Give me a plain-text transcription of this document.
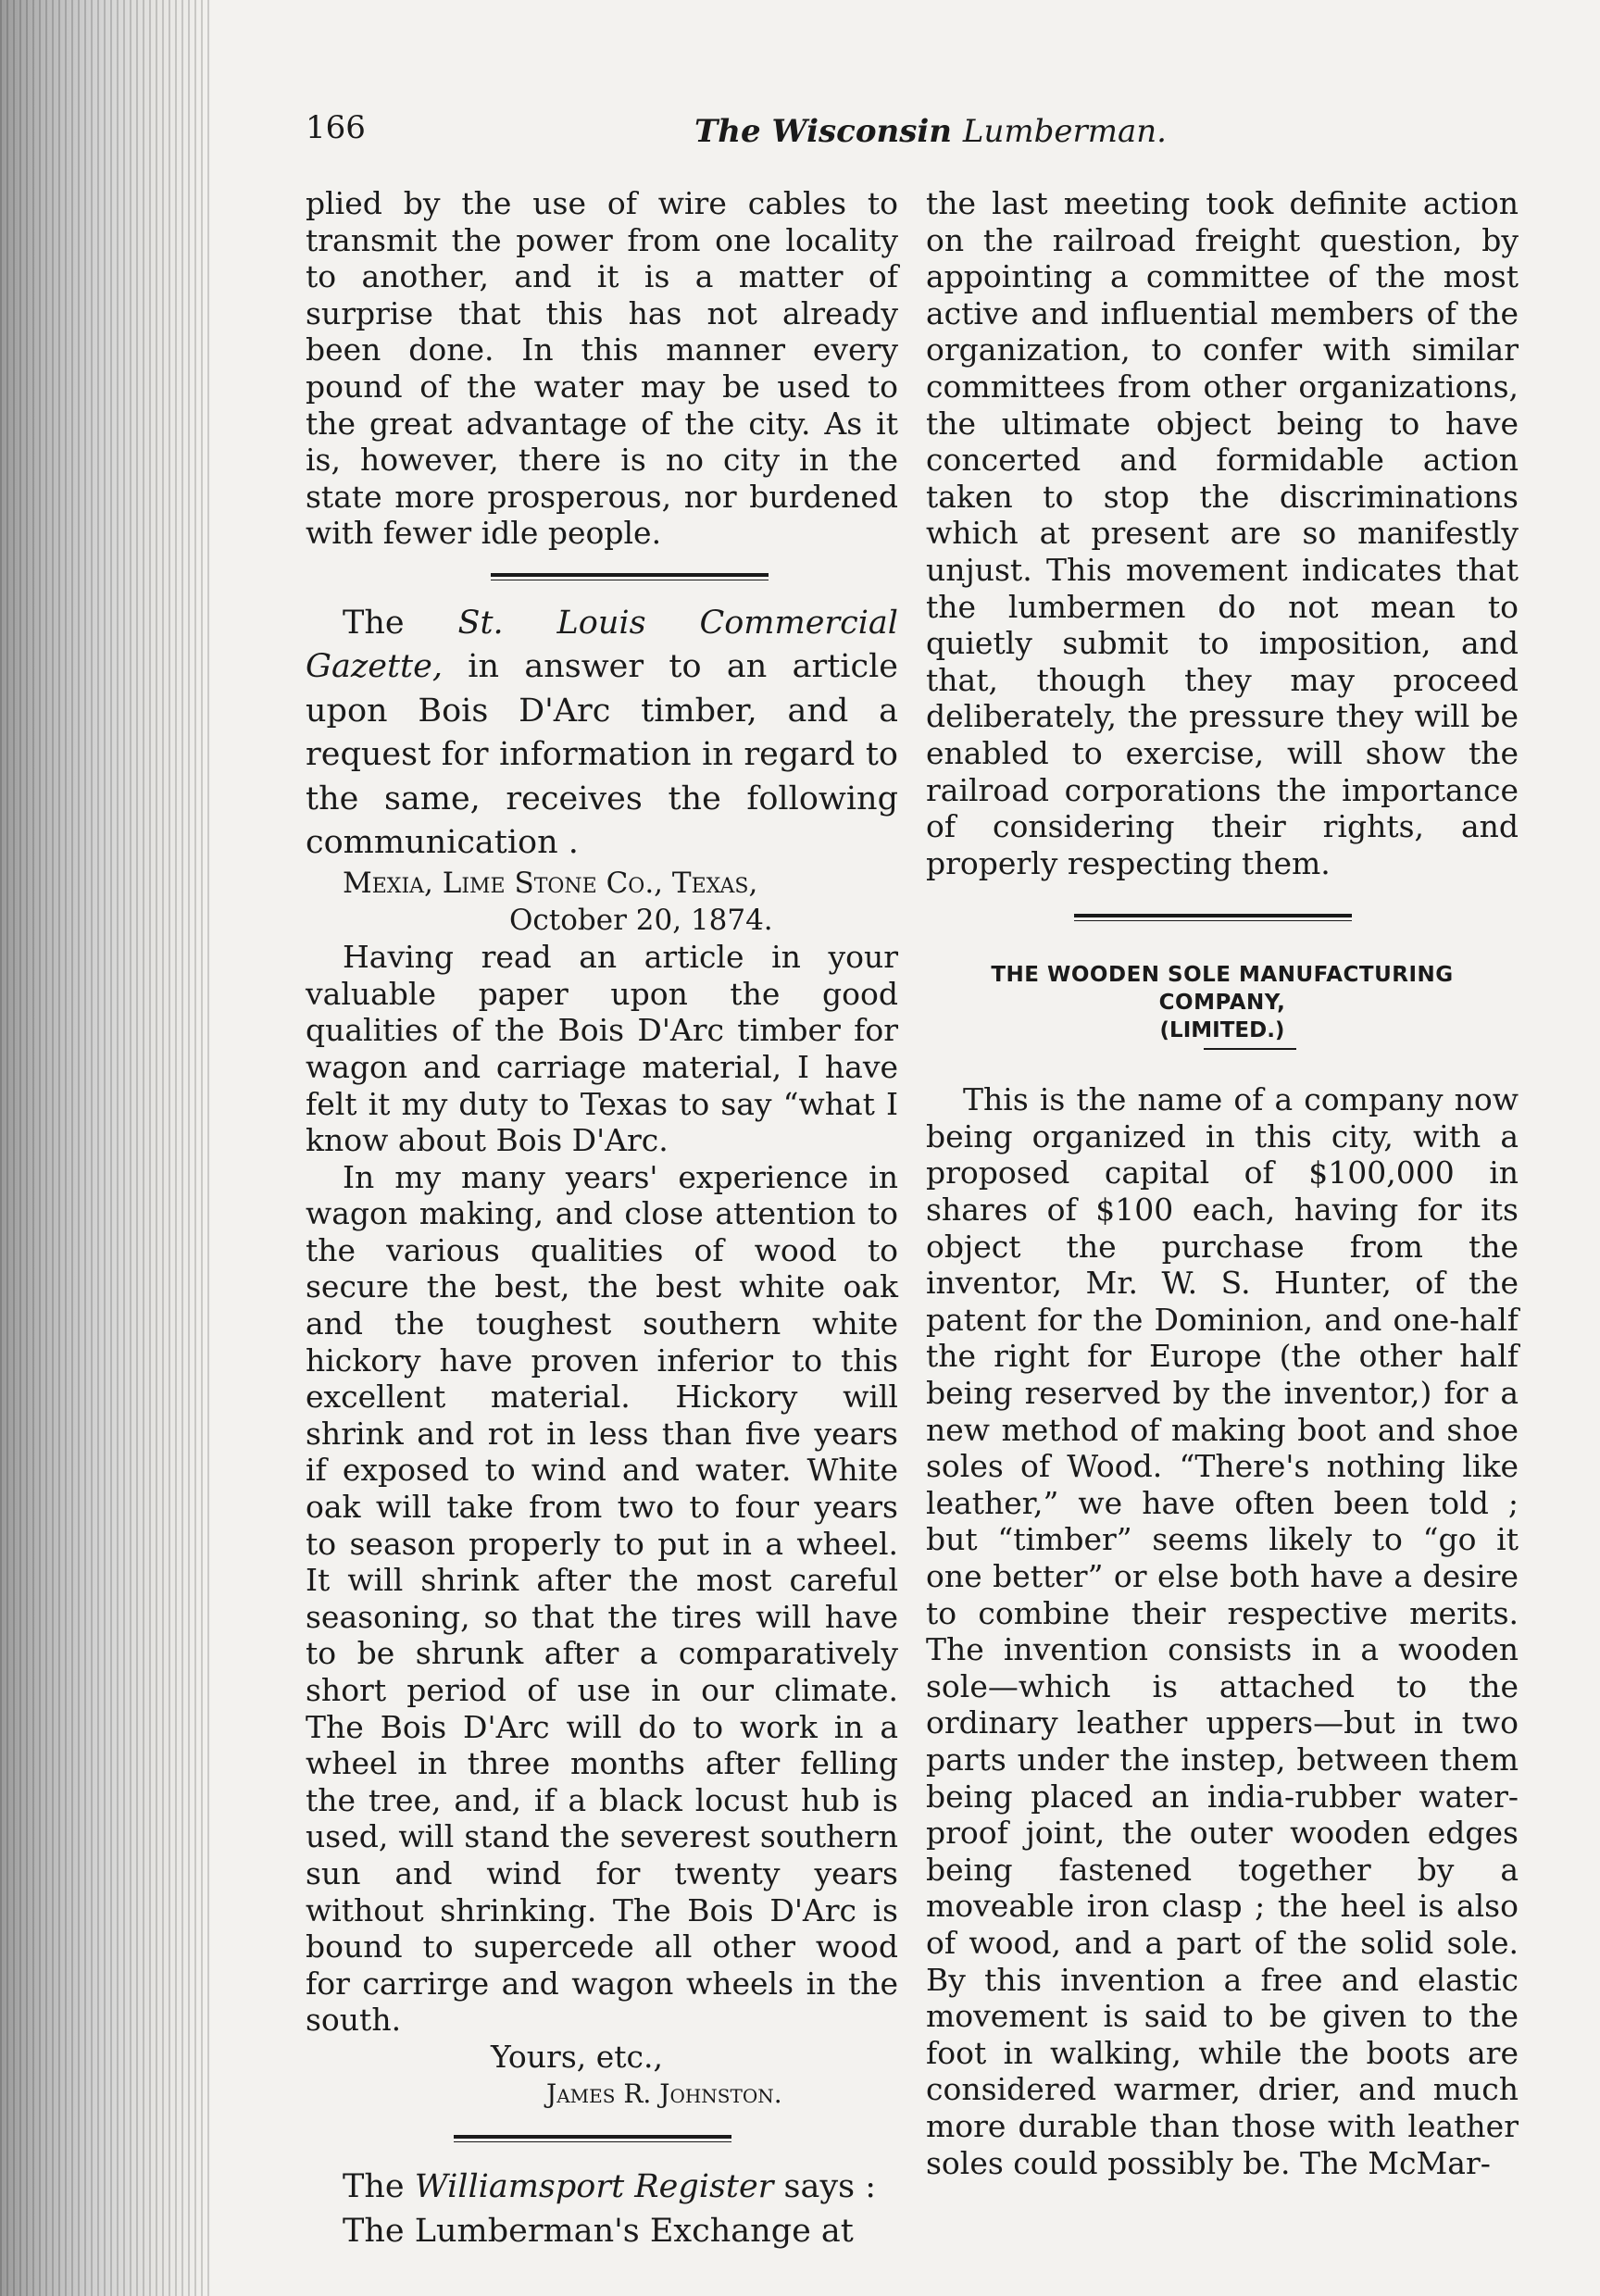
166	The Wisconsin Lumberman.

plied by the use of wire cables to transmit the power from one locality to another, and it is a matter of surprise that this has not already been done. In this manner every pound of the water may be used to the great advantage of the city. As it is, however, there is no city in the state more prosperous, nor burdened with fewer idle people.

The St. Louis Commercial Gazette, in answer to an article upon Bois D'Arc timber, and a request for information in regard to the same, receives the following communication .

Mexia, Lime Stone Co., Texas,
October 20, 1874.

Having read an article in your valuable paper upon the good qualities of the Bois D'Arc timber for wagon and carriage material, I have felt it my duty to Texas to say “what I know about Bois D'Arc.

In my many years' experience in wagon making, and close attention to the various qualities of wood to secure the best, the best white oak and the toughest southern white hickory have proven inferior to this excellent material. Hickory will shrink and rot in less than five years if exposed to wind and water. White oak will take from two to four years to season properly to put in a wheel. It will shrink after the most careful seasoning, so that the tires will have to be shrunk after a comparatively short period of use in our climate. The Bois D'Arc will do to work in a wheel in three months after felling the tree, and, if a black locust hub is used, will stand the severest southern sun and wind for twenty years without shrinking. The Bois D'Arc is bound to supercede all other wood for carrirge and wagon wheels in the south.

Yours, etc.,

James R. Johnston.

The Williamsport Register says :

The Lumberman's Exchange at

the last meeting took definite action on the railroad freight question, by appointing a committee of the most active and influential members of the organization, to confer with similar committees from other organizations, the ultimate object being to have concerted and formidable action taken to stop the discriminations which at present are so manifestly unjust. This movement indicates that the lumbermen do not mean to quietly submit to imposition, and that, though they may proceed deliberately, the pressure they will be enabled to exercise, will show the railroad corporations the importance of considering their rights, and properly respecting them.

THE WOODEN SOLE MANUFACTURING COMPANY,
(LIMITED.)

This is the name of a company now being organized in this city, with a proposed capital of $100,000 in shares of $100 each, having for its object the purchase from the inventor, Mr. W. S. Hunter, of the patent for the Dominion, and one-half the right for Europe (the other half being reserved by the inventor,) for a new method of making boot and shoe soles of Wood. “There's nothing like leather,” we have often been told ; but “timber” seems likely to “go it one better” or else both have a desire to combine their respective merits. The invention consists in a wooden sole—which is attached to the ordinary leather uppers—but in two parts under the instep, between them being placed an india-rubber water-proof joint, the outer wooden edges being fastened together by a moveable iron clasp ; the heel is also of wood, and a part of the solid sole. By this invention a free and elastic movement is said to be given to the foot in walking, while the boots are considered warmer, drier, and much more durable than those with leather soles could possibly be. The McMar-
